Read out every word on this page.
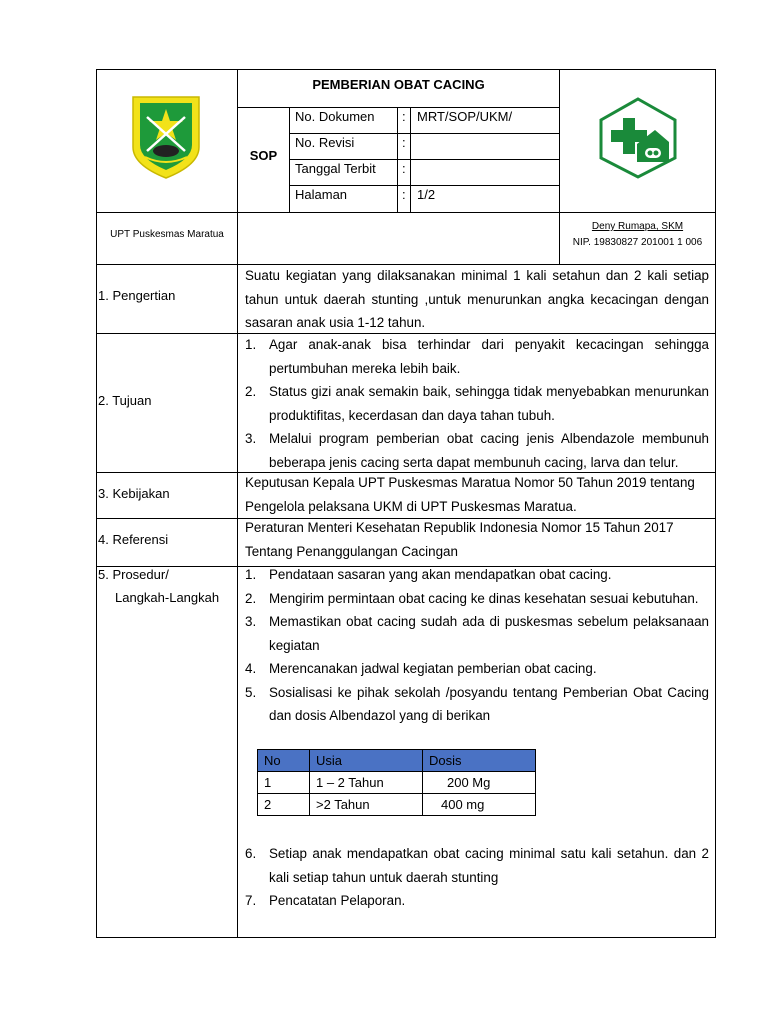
PEMBERIAN OBAT CACING
SOP
No. Dokumen : MRT/SOP/UKM/
No. Revisi	:
Tanggal Terbit :
Halaman	: 1/2
UPT Puskesmas Maratua
Deny Rumapa, SKM
NIP. 19830827 201001 1 006
1. Pengertian
Suatu kegiatan yang dilaksanakan minimal 1 kali setahun dan 2 kali setiap tahun untuk daerah stunting ,untuk menurunkan angka kecacingan dengan sasaran anak usia 1-12 tahun.
2. Tujuan
1. Agar anak-anak bisa terhindar dari penyakit kecacingan sehingga pertumbuhan mereka lebih baik.
2. Status gizi anak semakin baik, sehingga tidak menyebabkan menurunkan produktifitas, kecerdasan dan daya tahan tubuh.
3. Melalui program pemberian obat cacing jenis Albendazole membunuh beberapa jenis cacing serta dapat membunuh cacing, larva dan telur.
3. Kebijakan
Keputusan Kepala UPT Puskesmas Maratua Nomor 50 Tahun 2019 tentang Pengelola pelaksana UKM di UPT Puskesmas Maratua.
4. Referensi
Peraturan Menteri Kesehatan Republik Indonesia Nomor 15 Tahun 2017 Tentang Penanggulangan Cacingan
5. Prosedur/
Langkah-Langkah
1. Pendataan sasaran yang akan mendapatkan obat cacing.
2. Mengirim permintaan obat cacing ke dinas kesehatan sesuai kebutuhan.
3. Memastikan obat cacing sudah ada di puskesmas sebelum pelaksanaan kegiatan
4. Merencanakan jadwal kegiatan pemberian obat cacing.
5. Sosialisasi ke pihak sekolah /posyandu tentang Pemberian Obat Cacing dan dosis Albendazol yang di berikan
No	Usia	Dosis
1	1 – 2 Tahun	200 Mg
2	>2 Tahun	400 mg
6. Setiap anak mendapatkan obat cacing minimal satu kali setahun. dan 2 kali setiap tahun untuk daerah stunting
7. Pencatatan Pelaporan.
